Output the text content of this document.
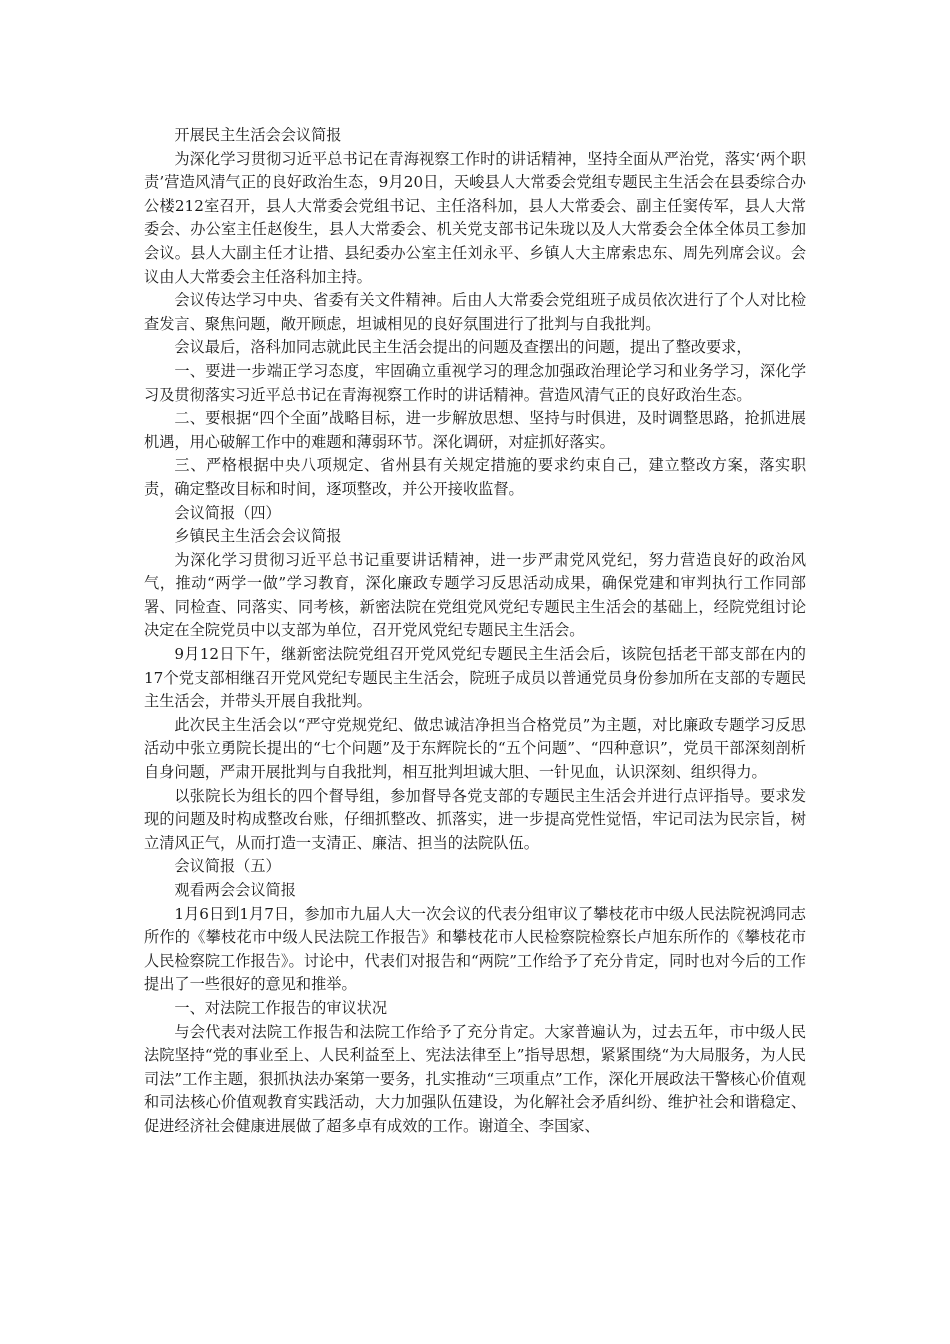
开展民主生活会会议简报

为深化学习贯彻习近平总书记在青海视察工作时的讲话精神，坚持全面从严治党，落实‘两个职责’营造风清气正的良好政治生态，9月20日，天峻县人大常委会党组专题民主生活会在县委综合办公楼212室召开，县人大常委会党组书记、主任洛科加，县人大常委会、副主任窦传军，县人大常委会、办公室主任赵俊生，县人大常委会、机关党支部书记朱珑以及人大常委会全体全体员工参加会议。县人大副主任才让措、县纪委办公室主任刘永平、乡镇人大主席索忠东、周先列席会议。会议由人大常委会主任洛科加主持。

会议传达学习中央、省委有关文件精神。后由人大常委会党组班子成员依次进行了个人对比检查发言、聚焦问题，敞开顾虑，坦诚相见的良好氛围进行了批判与自我批判。

会议最后，洛科加同志就此民主生活会提出的问题及查摆出的问题，提出了整改要求，

一、要进一步端正学习态度，牢固确立重视学习的理念加强政治理论学习和业务学习，深化学习及贯彻落实习近平总书记在青海视察工作时的讲话精神。营造风清气正的良好政治生态。

二、要根据“四个全面”战略目标，进一步解放思想、坚持与时俱进，及时调整思路，抢抓进展机遇，用心破解工作中的难题和薄弱环节。深化调研，对症抓好落实。

三、严格根据中央八项规定、省州县有关规定措施的要求约束自己，建立整改方案，落实职责，确定整改目标和时间，逐项整改，并公开接收监督。

会议简报（四）

乡镇民主生活会会议简报

为深化学习贯彻习近平总书记重要讲话精神，进一步严肃党风党纪，努力营造良好的政治风气，推动“两学一做”学习教育，深化廉政专题学习反思活动成果，确保党建和审判执行工作同部署、同检查、同落实、同考核，新密法院在党组党风党纪专题民主生活会的基础上，经院党组讨论决定在全院党员中以支部为单位，召开党风党纪专题民主生活会。

9月12日下午，继新密法院党组召开党风党纪专题民主生活会后，该院包括老干部支部在内的17个党支部相继召开党风党纪专题民主生活会，院班子成员以普通党员身份参加所在支部的专题民主生活会，并带头开展自我批判。

此次民主生活会以“严守党规党纪、做忠诚洁净担当合格党员”为主题，对比廉政专题学习反思活动中张立勇院长提出的“七个问题”及于东辉院长的“五个问题”、“四种意识”，党员干部深刻剖析自身问题，严肃开展批判与自我批判，相互批判坦诚大胆、一针见血，认识深刻、组织得力。

以张院长为组长的四个督导组，参加督导各党支部的专题民主生活会并进行点评指导。要求发现的问题及时构成整改台账，仔细抓整改、抓落实，进一步提高党性觉悟，牢记司法为民宗旨，树立清风正气，从而打造一支清正、廉洁、担当的法院队伍。

会议简报（五）

观看两会会议简报

1月6日到1月7日，参加市九届人大一次会议的代表分组审议了攀枝花市中级人民法院祝鸿同志所作的《攀枝花市中级人民法院工作报告》和攀枝花市人民检察院检察长卢旭东所作的《攀枝花市人民检察院工作报告》。讨论中，代表们对报告和“两院”工作给予了充分肯定，同时也对今后的工作提出了一些很好的意见和推举。

一、对法院工作报告的审议状况

与会代表对法院工作报告和法院工作给予了充分肯定。大家普遍认为，过去五年，市中级人民法院坚持“党的事业至上、人民利益至上、宪法法律至上”指导思想，紧紧围绕“为大局服务，为人民司法”工作主题，狠抓执法办案第一要务，扎实推动“三项重点”工作，深化开展政法干警核心价值观和司法核心价值观教育实践活动，大力加强队伍建设，为化解社会矛盾纠纷、维护社会和谐稳定、促进经济社会健康进展做了超多卓有成效的工作。谢道全、李国家、
